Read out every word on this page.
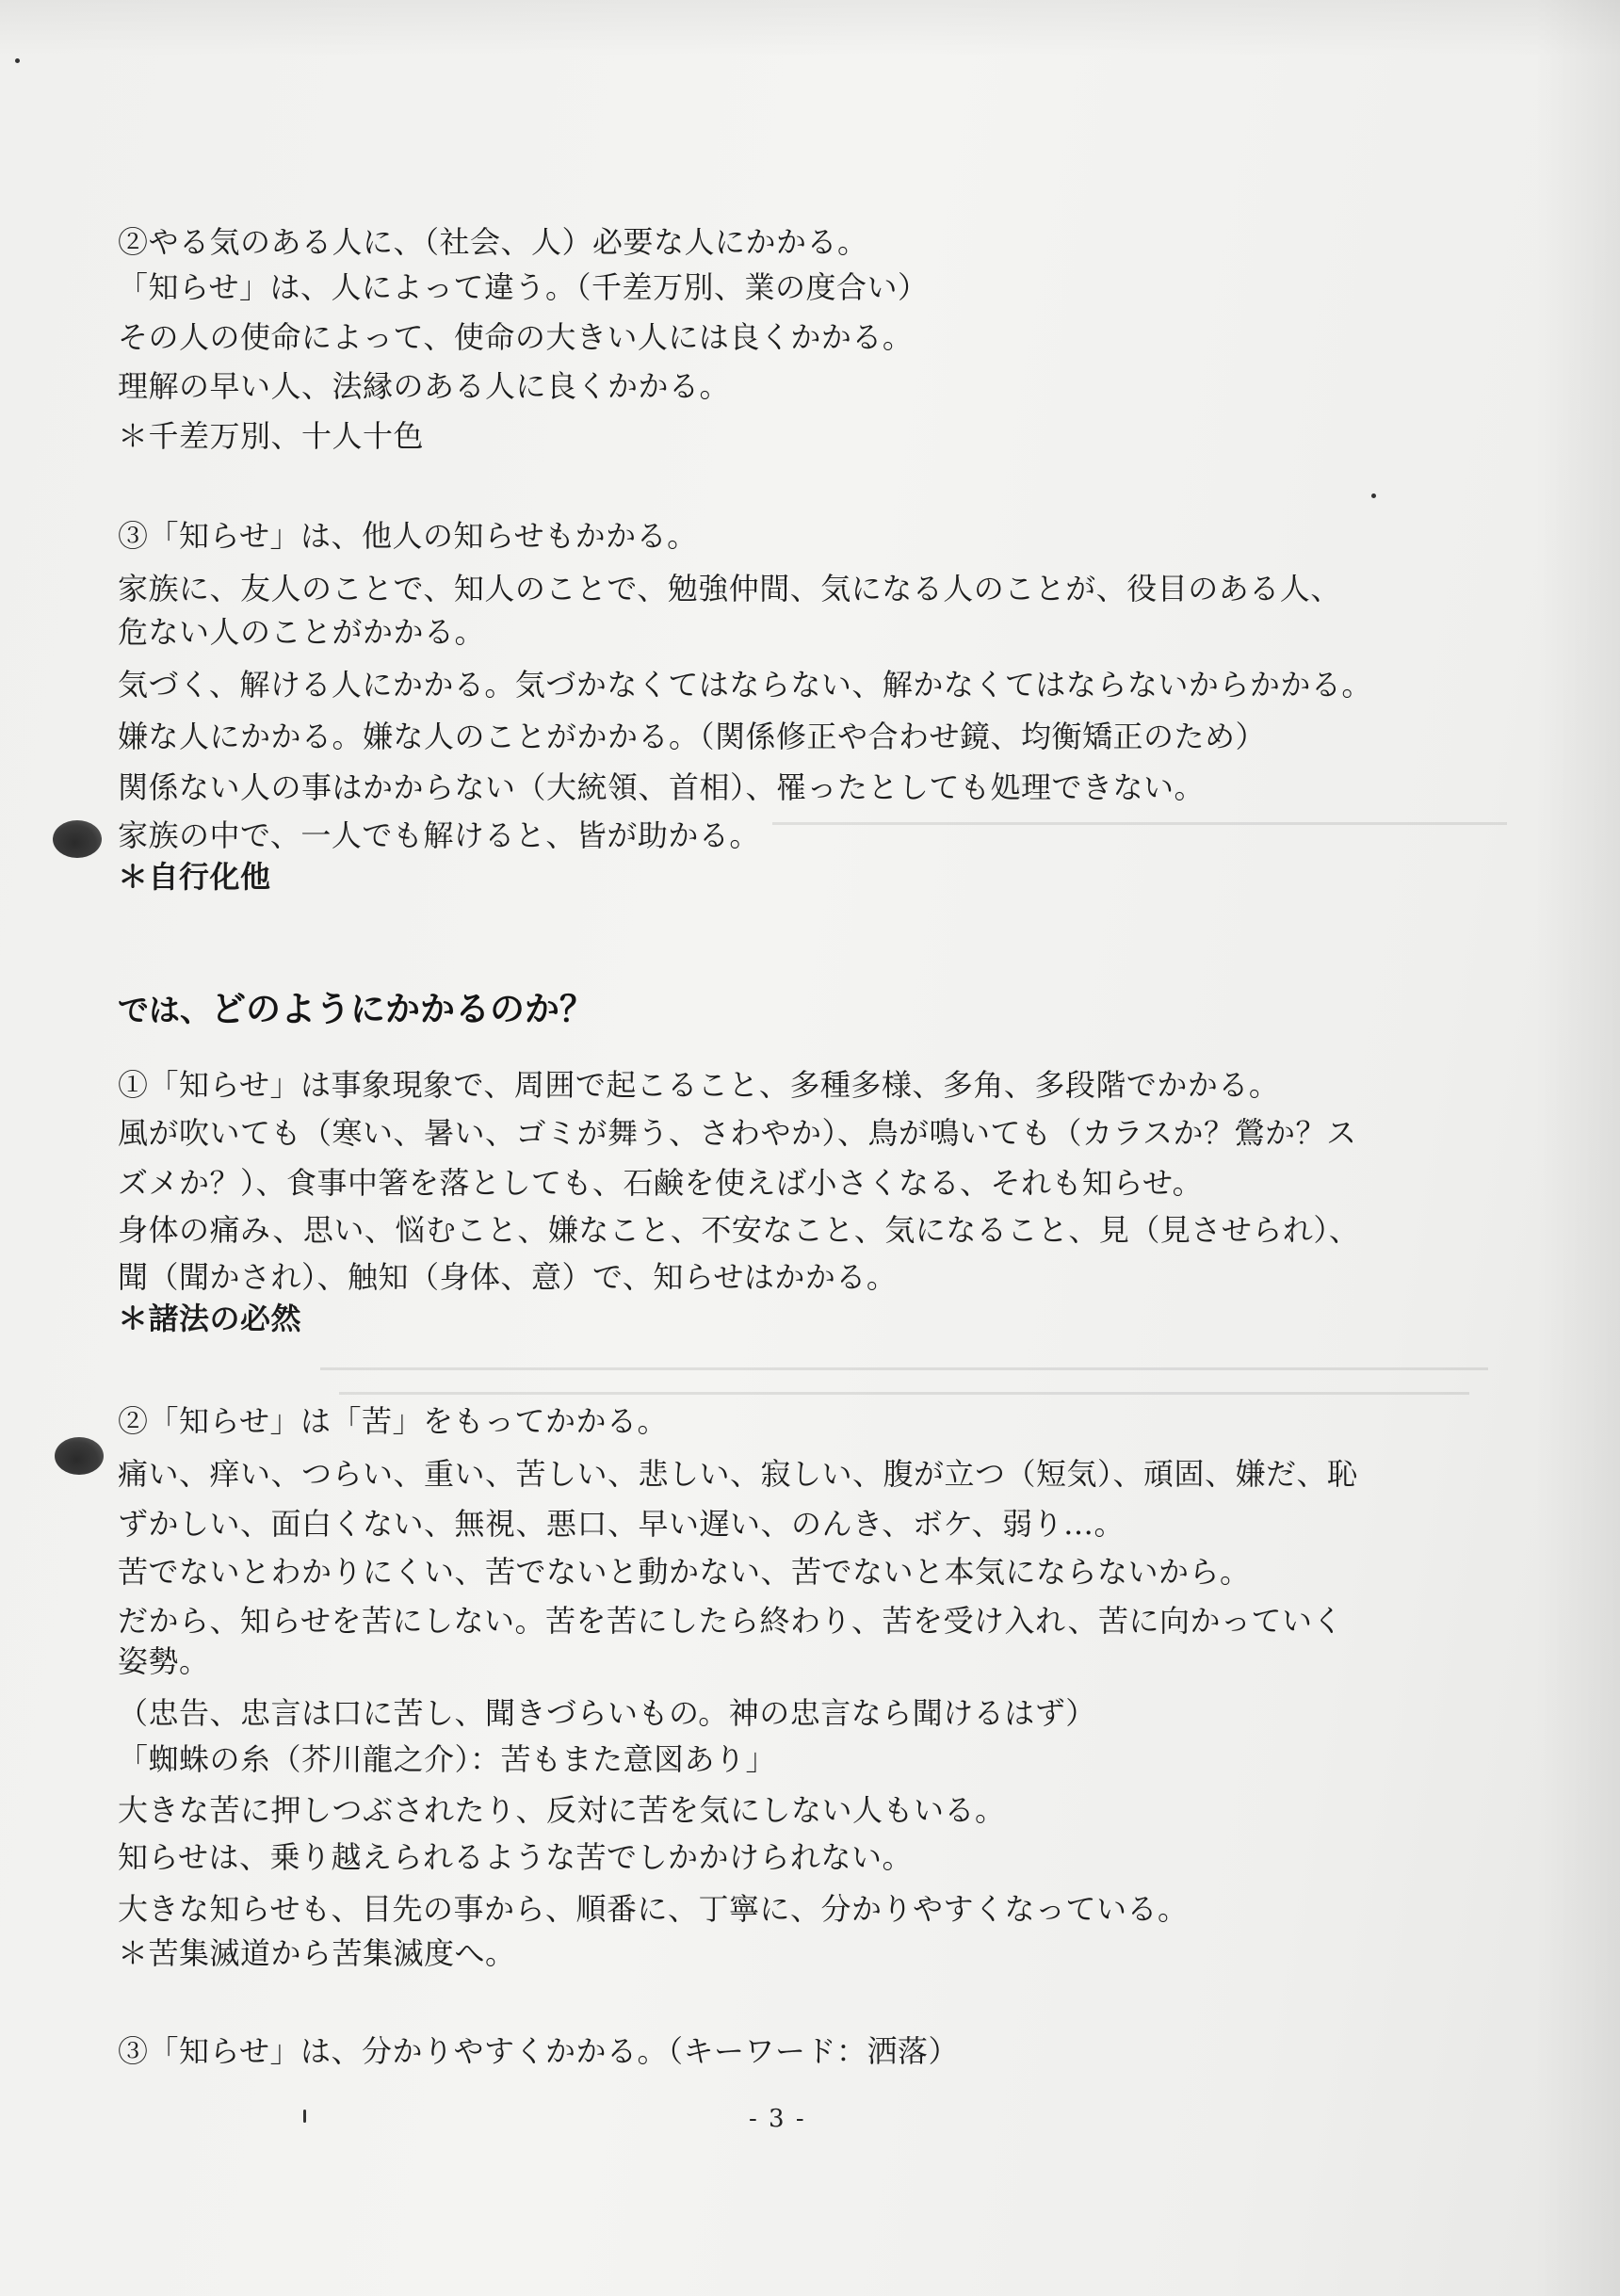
②やる気のある人に、（社会、人）必要な人にかかる。

「知らせ」は、人によって違う。（千差万別、業の度合い）

その人の使命によって、使命の大きい人には良くかかる。

理解の早い人、法縁のある人に良くかかる。

＊千差万別、十人十色

③「知らせ」は、他人の知らせもかかる。

家族に、友人のことで、知人のことで、勉強仲間、気になる人のことが、役目のある人、

危ない人のことがかかる。

気づく、解ける人にかかる。気づかなくてはならない、解かなくてはならないからかかる。

嫌な人にかかる。嫌な人のことがかかる。（関係修正や合わせ鏡、均衡矯正のため）

関係ない人の事はかからない（大統領、首相）、罹ったとしても処理できない。

家族の中で、一人でも解けると、皆が助かる。

＊自行化他

では、どのようにかかるのか？

①「知らせ」は事象現象で、周囲で起こること、多種多様、多角、多段階でかかる。

風が吹いても（寒い、暑い、ゴミが舞う、さわやか）、鳥が鳴いても（カラスか？鶯か？ス

ズメか？）、食事中箸を落としても、石鹸を使えば小さくなる、それも知らせ。

身体の痛み、思い、悩むこと、嫌なこと、不安なこと、気になること、見（見させられ）、

聞（聞かされ）、触知（身体、意）で、知らせはかかる。

＊諸法の必然

②「知らせ」は「苦」をもってかかる。

痛い、痒い、つらい、重い、苦しい、悲しい、寂しい、腹が立つ（短気）、頑固、嫌だ、恥

ずかしい、面白くない、無視、悪口、早い遅い、のんき、ボケ、弱り…。

苦でないとわかりにくい、苦でないと動かない、苦でないと本気にならないから。

だから、知らせを苦にしない。苦を苦にしたら終わり、苦を受け入れ、苦に向かっていく

姿勢。

（忠告、忠言は口に苦し、聞きづらいもの。神の忠言なら聞けるはず）

「蜘蛛の糸（芥川龍之介）：苦もまた意図あり」

大きな苦に押しつぶされたり、反対に苦を気にしない人もいる。

知らせは、乗り越えられるような苦でしかかけられない。

大きな知らせも、目先の事から、順番に、丁寧に、分かりやすくなっている。

＊苦集滅道から苦集滅度へ。

③「知らせ」は、分かりやすくかかる。（キーワード：洒落）

- 3 -
